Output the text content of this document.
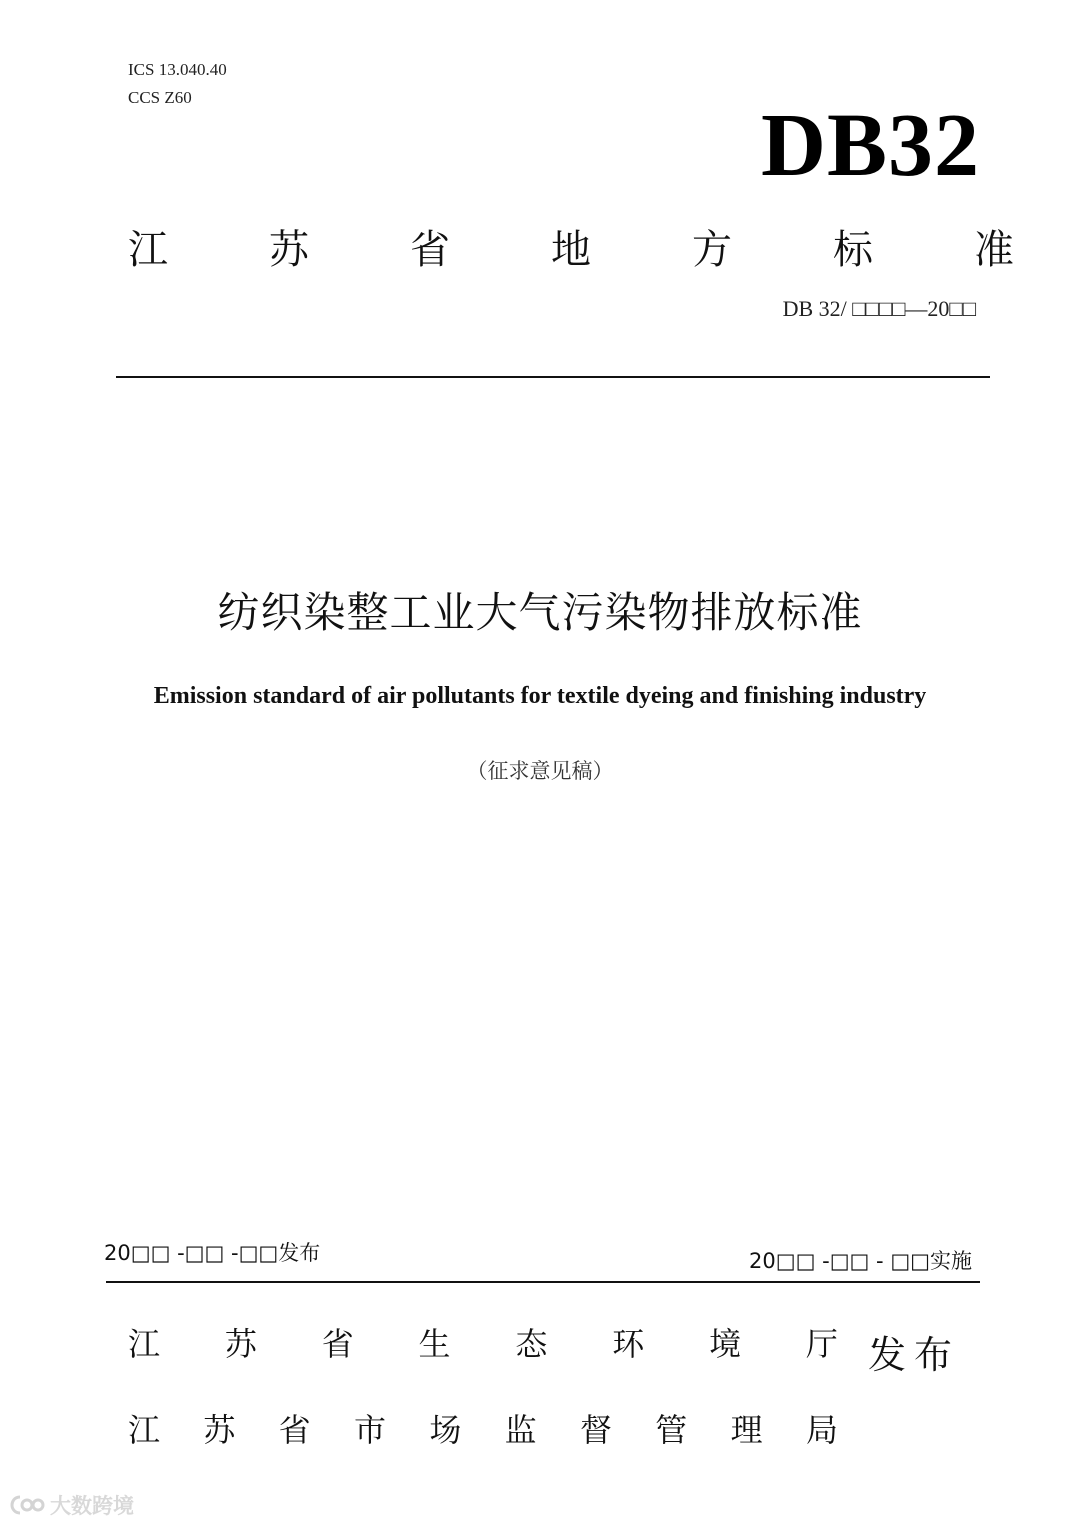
ICS 13.040.40
CCS Z60	DB32
江	苏	省	地	方	标	准
DB 32/ □□□□—20□□
纺织染整工业大气污染物排放标准
Emission standard of air pollutants for textile dyeing and finishing industry
（征求意见稿）
20□□ -□□ -□□发布	20□□ -□□ - □□实施
江 苏 省 生 态 环 境 厅 发布
江 苏 省 市 场 监 督 管 理 局
大数跨境
